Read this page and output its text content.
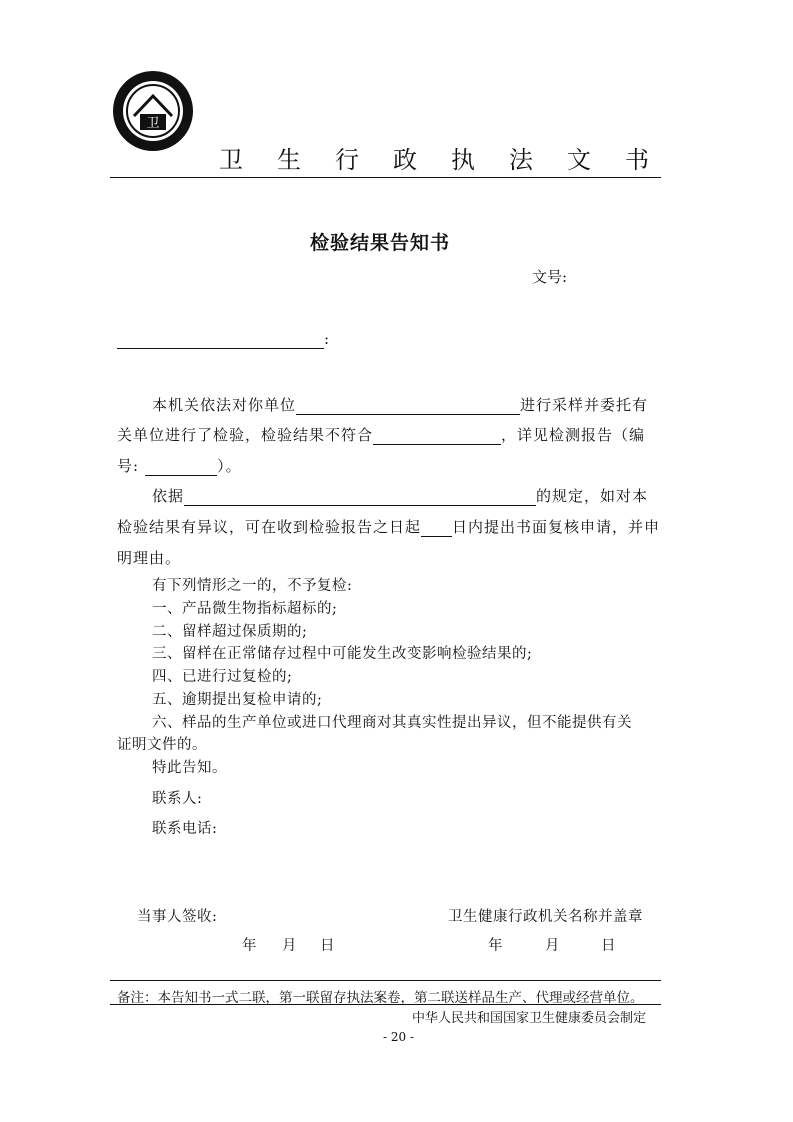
卫
卫生行政执法文书
检验结果告知书
文号:
:
本机关依法对你单位	进行采样并委托有
关单位进行了检验，检验结果不符合	，详见检测报告（编
号:	）。
依据	的规定，如对本
检验结果有异议，可在收到检验报告之日起 日内提出书面复核申请，并申
明理由。
有下列情形之一的，不予复检:
一、产品微生物指标超标的;
二、留样超过保质期的;
三、留样在正常储存过程中可能发生改变影响检验结果的;
四、已进行过复检的;
五、逾期提出复检申请的;
六、样品的生产单位或进口代理商对其真实性提出异议，但不能提供有关
证明文件的。
特此告知。
联系人:
联系电话:
当事人签收:	卫生健康行政机关名称并盖章
年 月 日	年	月	日
备注：本告知书一式二联，第一联留存执法案卷，第二联送样品生产、代理或经营单位。
中华人民共和国国家卫生健康委员会制定
- 20 -
